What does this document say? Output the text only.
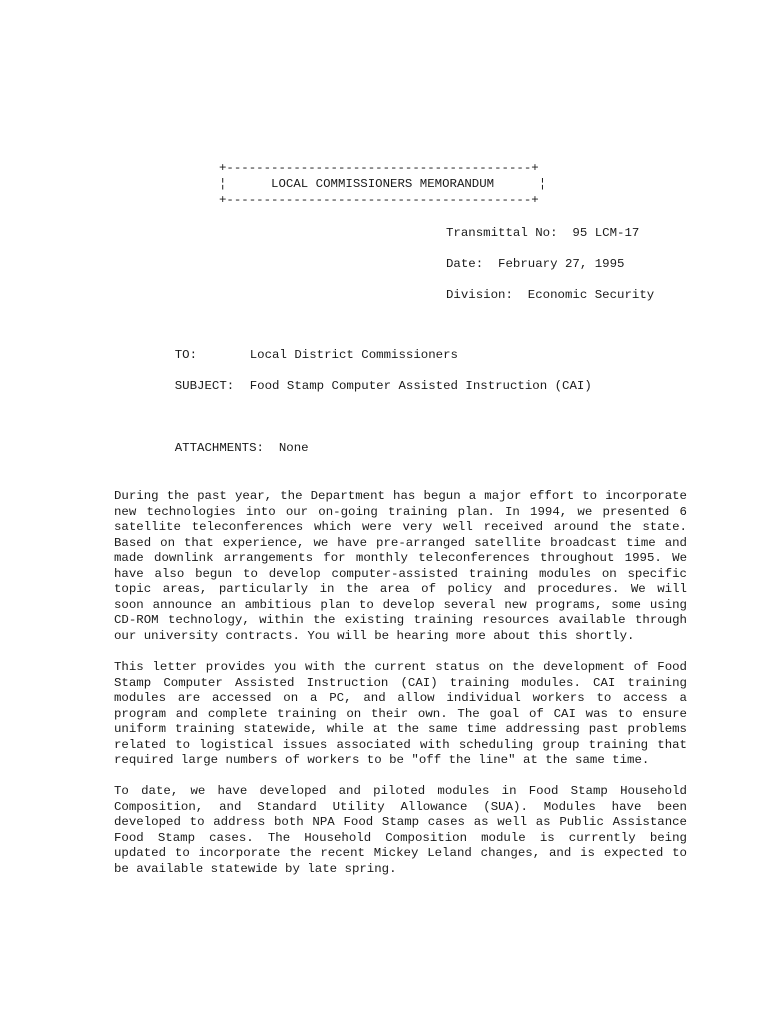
+-----------------------------------------+
¦      LOCAL COMMISSIONERS MEMORANDUM      ¦
+-----------------------------------------+
Transmittal No:  95 LCM-17
Date:  February 27, 1995
Division:  Economic Security

TO:	Local District Commissioners

SUBJECT: Food Stamp Computer Assisted Instruction (CAI)

ATTACHMENTS: None

During the past year, the Department has begun a major effort to incorporate
new technologies into our on-going training plan. In 1994, we presented 6
satellite teleconferences which were very well received around the state.
Based on that experience, we have pre-arranged satellite broadcast time and
made downlink arrangements for monthly teleconferences throughout 1995. We
have also begun to develop computer-assisted training modules on specific
topic areas, particularly in the area of policy and procedures. We will
soon announce an ambitious plan to develop several new programs, some using
CD-ROM technology, within the existing training resources available through
our university contracts. You will be hearing more about this shortly.
This letter provides you with the current status on the development of Food
Stamp Computer Assisted Instruction (CAI) training modules. CAI training
modules are accessed on a PC, and allow individual workers to access a
program and complete training on their own. The goal of CAI was to ensure
uniform training statewide, while at the same time addressing past problems
related to logistical issues associated with scheduling group training that
required large numbers of workers to be "off the line" at the same time.
To date, we have developed and piloted modules in Food Stamp Household
Composition, and Standard Utility Allowance (SUA). Modules have been
developed to address both NPA Food Stamp cases as well as Public Assistance
Food Stamp cases. The Household Composition module is currently being
updated to incorporate the recent Mickey Leland changes, and is expected to
be available statewide by late spring.
